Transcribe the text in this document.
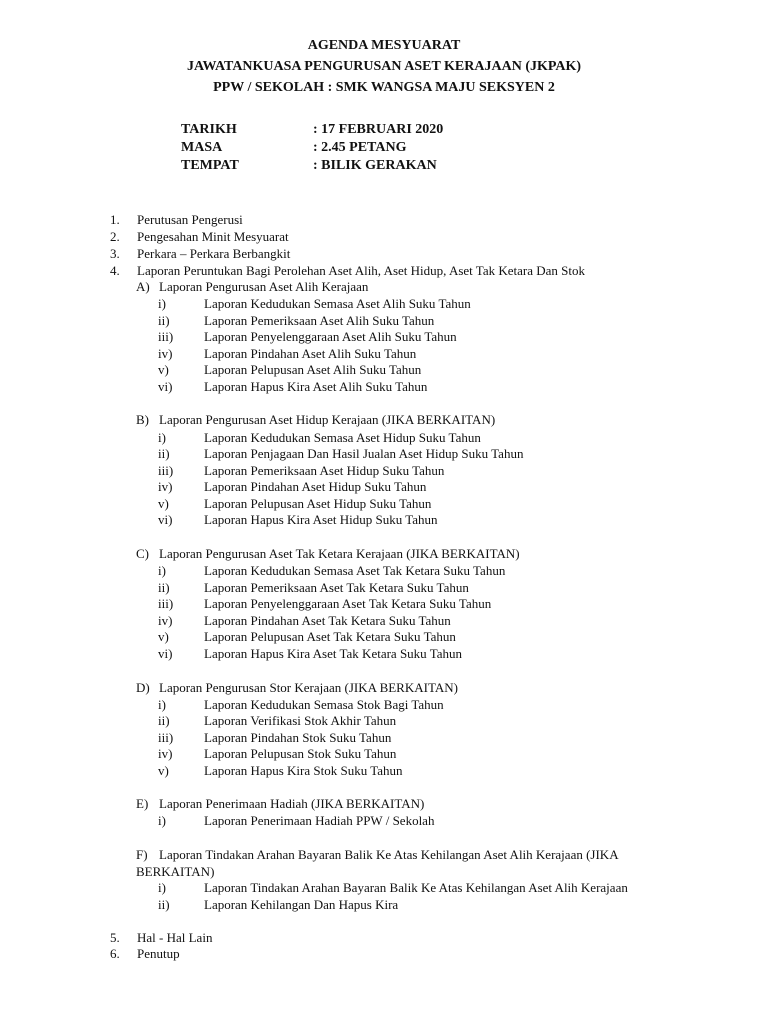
AGENDA MESYUARAT
JAWATANKUASA PENGURUSAN ASET KERAJAAN (JKPAK)
PPW / SEKOLAH : SMK WANGSA MAJU SEKSYEN 2
TARIKH	: 17 FEBRUARI 2020
MASA	: 2.45 PETANG
TEMPAT	: BILIK GERAKAN
1. Perutusan Pengerusi
2. Pengesahan Minit Mesyuarat
3. Perkara – Perkara Berbangkit
4. Laporan Peruntukan Bagi Perolehan Aset Alih, Aset Hidup, Aset Tak Ketara Dan Stok
A) Laporan Pengurusan Aset Alih Kerajaan
i)	Laporan Kedudukan Semasa Aset Alih Suku Tahun
ii)	Laporan Pemeriksaan Aset Alih Suku Tahun
iii) Laporan Penyelenggaraan Aset Alih Suku Tahun
iv) Laporan Pindahan Aset Alih Suku Tahun
v)	Laporan Pelupusan Aset Alih Suku Tahun
vi) Laporan Hapus Kira Aset Alih Suku Tahun
B) Laporan Pengurusan Aset Hidup Kerajaan (JIKA BERKAITAN)
i)	Laporan Kedudukan Semasa Aset Hidup Suku Tahun
ii)	Laporan Penjagaan Dan Hasil Jualan Aset Hidup Suku Tahun
iii) Laporan Pemeriksaan Aset Hidup Suku Tahun
iv) Laporan Pindahan Aset Hidup Suku Tahun
v)	Laporan Pelupusan Aset Hidup Suku Tahun
vi) Laporan Hapus Kira Aset Hidup Suku Tahun
C) Laporan Pengurusan Aset Tak Ketara Kerajaan (JIKA BERKAITAN)
i)	Laporan Kedudukan Semasa Aset Tak Ketara Suku Tahun
ii)	Laporan Pemeriksaan Aset Tak Ketara Suku Tahun
iii) Laporan Penyelenggaraan Aset Tak Ketara Suku Tahun
iv) Laporan Pindahan Aset Tak Ketara Suku Tahun
v)	Laporan Pelupusan Aset Tak Ketara Suku Tahun
vi) Laporan Hapus Kira Aset Tak Ketara Suku Tahun
D) Laporan Pengurusan Stor Kerajaan (JIKA BERKAITAN)
i)	Laporan Kedudukan Semasa Stok Bagi Tahun
ii)	Laporan Verifikasi Stok Akhir Tahun
iii) Laporan Pindahan Stok Suku Tahun
iv) Laporan Pelupusan Stok Suku Tahun
v)	Laporan Hapus Kira Stok Suku Tahun
E) Laporan Penerimaan Hadiah (JIKA BERKAITAN)
i)	Laporan Penerimaan Hadiah PPW / Sekolah
F) Laporan Tindakan Arahan Bayaran Balik Ke Atas Kehilangan Aset Alih Kerajaan (JIKA
BERKAITAN)
i)	Laporan Tindakan Arahan Bayaran Balik Ke Atas Kehilangan Aset Alih Kerajaan
ii)	Laporan Kehilangan Dan Hapus Kira
5. Hal - Hal Lain
6. Penutup
